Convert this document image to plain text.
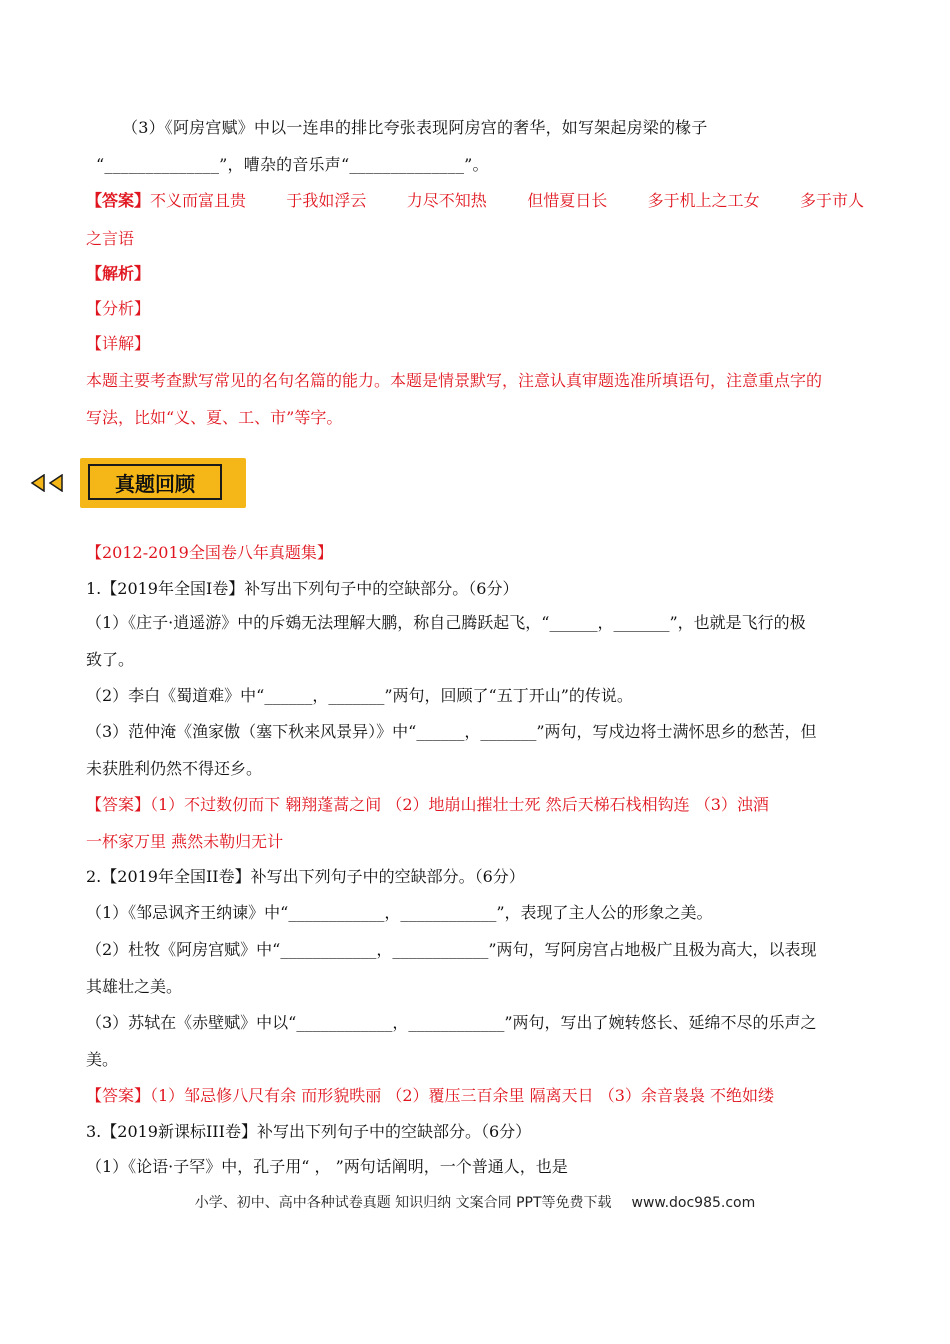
（3）《阿房宫赋》中以一连串的排比夸张表现阿房宫的奢华，如写架起房梁的椽子
“______________”，嘈杂的音乐声“______________”。
【答案】不义而富且贵	于我如浮云	力尽不知热	但惜夏日长	多于机上之工女	多于市人
之言语
【解析】
【分析】
【详解】
本题主要考查默写常见的名句名篇的能力。本题是情景默写，注意认真审题选准所填语句，注意重点字的
写法，比如“义、夏、工、市”等字。
真题回顾
【2012-2019全国卷八年真题集】
1.【2019年全国I卷】补写出下列句子中的空缺部分。（6分）
（1）《庄子·逍遥游》中的斥鴳无法理解大鹏，称自己腾跃起飞，“______，_______”，也就是飞行的极
致了。
（2）李白《蜀道难》中“______，_______”两句，回顾了“五丁开山”的传说。
（3）范仲淹《渔家傲（塞下秋来风景异）》中“______，_______”两句，写戍边将士满怀思乡的愁苦，但
未获胜利仍然不得还乡。
【答案】（1）不过数仞而下 翱翔蓬蒿之间 （2）地崩山摧壮士死 然后天梯石栈相钩连 （3）浊酒
一杯家万里 燕然未勒归无计
2.【2019年全国II卷】补写出下列句子中的空缺部分。（6分）
（1）《邹忌讽齐王纳谏》中“____________，____________”，表现了主人公的形象之美。
（2）杜牧《阿房宫赋》中“____________，____________”两句，写阿房宫占地极广且极为高大，以表现
其雄壮之美。
（3）苏轼在《赤壁赋》中以“____________，____________”两句，写出了婉转悠长、延绵不尽的乐声之
美。
【答案】（1）邹忌修八尺有余 而形貌昳丽 （2）覆压三百余里 隔离天日 （3）余音袅袅 不绝如缕
3.【2019新课标III卷】补写出下列句子中的空缺部分。（6分）
（1）《论语·子罕》中，孔子用“ ， ”两句话阐明，一个普通人，也是
小学、初中、高中各种试卷真题 知识归纳 文案合同 PPT等免费下载 www.doc985.com
